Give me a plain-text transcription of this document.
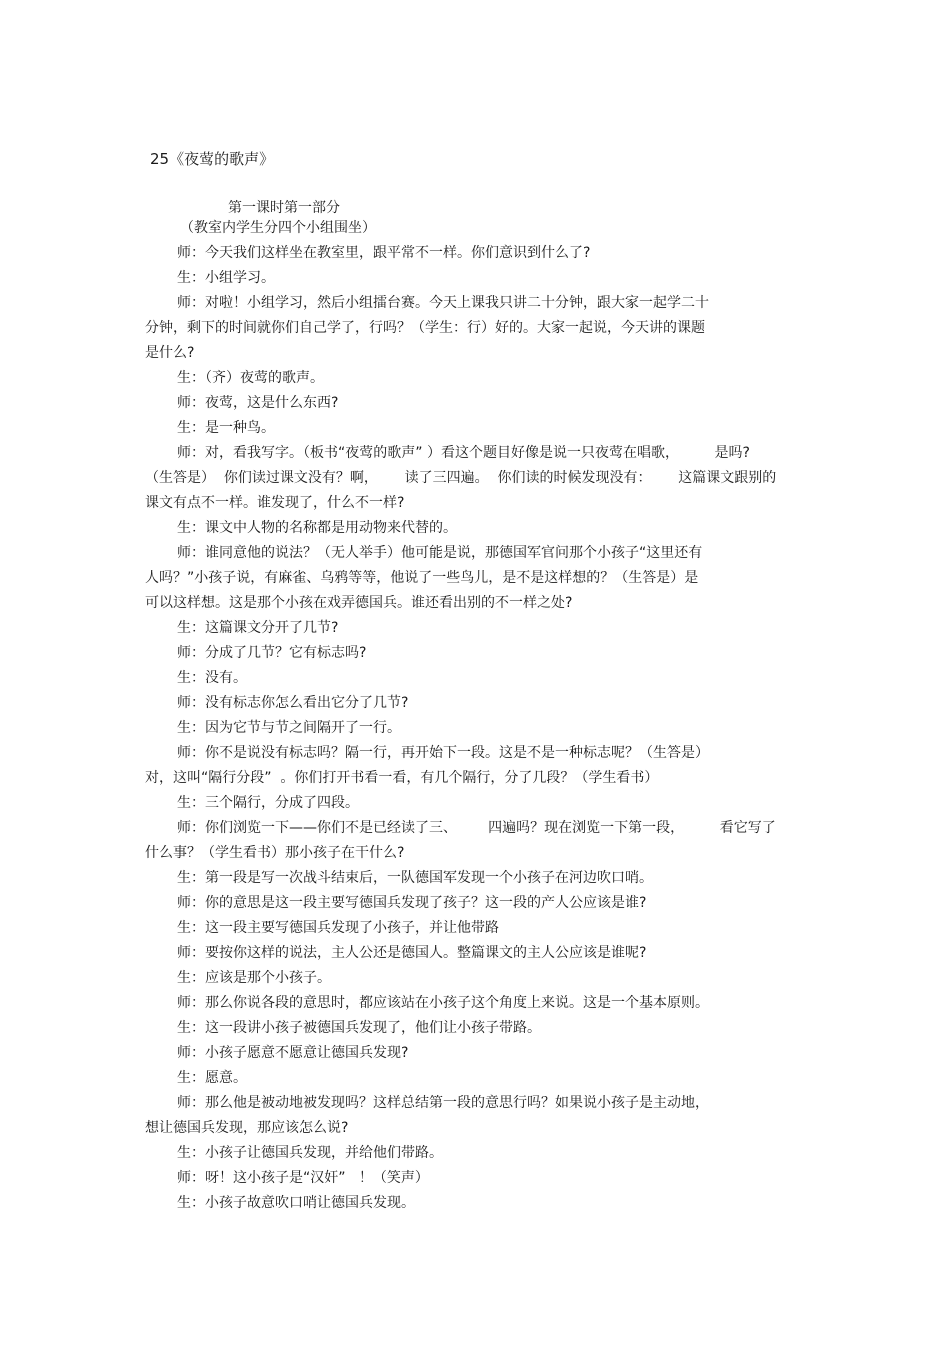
25《夜莺的歌声》
第一课时第一部分
（教室内学生分四个小组围坐）
师：今天我们这样坐在教室里，跟平常不一样。你们意识到什么了?
生：小组学习。
师：对啦！小组学习，然后小组擂台赛。今天上课我只讲二十分钟，跟大家一起学二十
分钟，剩下的时间就你们自己学了，行吗？（学生：行）好的。大家一起说，今天讲的课题
是什么?
生：（齐）夜莺的歌声。
师：夜莺，这是什么东西?
生：是一种鸟。
师：对，看我写字。（板书“夜莺的歌声” ）看这个题目好像是说一只夜莺在唱歌，        是吗?
（生答是）  你们读过课文没有？啊，      读了三四遍。  你们读的时候发现没有：      这篇课文跟别的
课文有点不一样。谁发现了，什么不一样?
生：课文中人物的名称都是用动物来代替的。
师：谁同意他的说法？（无人举手）他可能是说，那德国军官问那个小孩子“这里还有
人吗？”小孩子说，有麻雀、乌鸦等等，他说了一些鸟儿，是不是这样想的？（生答是）是
可以这样想。这是那个小孩在戏弄德国兵。谁还看出别的不一样之处?
生：这篇课文分开了几节?
师：分成了几节？它有标志吗?
生：没有。
师：没有标志你怎么看出它分了几节?
生：因为它节与节之间隔开了一行。
师：你不是说没有标志吗？隔一行，再开始下一段。这是不是一种标志呢？（生答是）
对，这叫“隔行分段”  。你们打开书看一看，有几个隔行，分了几段？（学生看书）
生：三个隔行，分成了四段。
师：你们浏览一下——你们不是已经读了三、       四遍吗？现在浏览一下第一段，        看它写了
什么事？（学生看书）那小孩子在干什么?
生：第一段是写一次战斗结束后，一队德国军发现一个小孩子在河边吹口哨。
师：你的意思是这一段主要写德国兵发现了孩子？这一段的产人公应该是谁?
生：这一段主要写德国兵发现了小孩子，并让他带路
师：要按你这样的说法，主人公还是德国人。整篇课文的主人公应该是谁呢?
生：应该是那个小孩子。
师：那么你说各段的意思时，都应该站在小孩子这个角度上来说。这是一个基本原则。
生：这一段讲小孩子被德国兵发现了，他们让小孩子带路。
师：小孩子愿意不愿意让德国兵发现?
生：愿意。
师：那么他是被动地被发现吗？这样总结第一段的意思行吗？如果说小孩子是主动地，
想让德国兵发现，那应该怎么说?
生：小孩子让德国兵发现，并给他们带路。
师：呀！这小孩子是“汉奸”   ！（笑声）
生：小孩子故意吹口哨让德国兵发现。
